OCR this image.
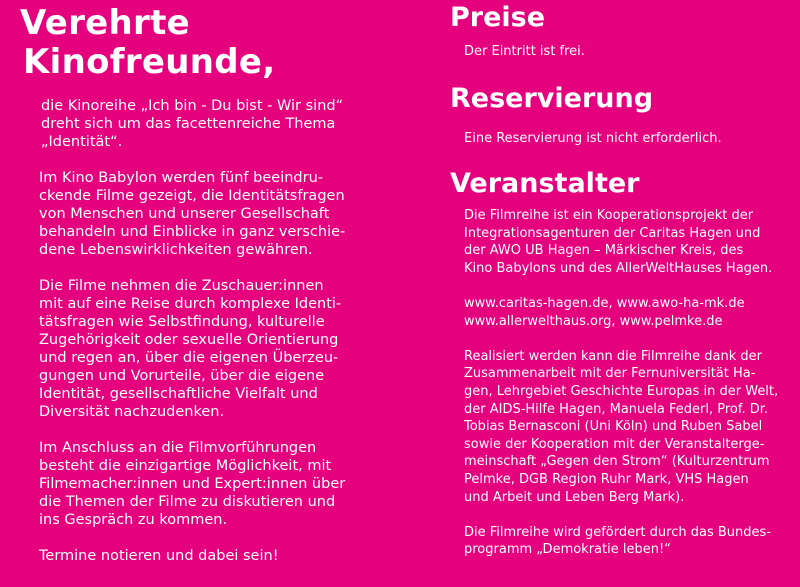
Verehrte
Kinofreunde,

die Kinoreihe „Ich bin - Du bist - Wir sind“
dreht sich um das facettenreiche Thema
„Identität“.

Im Kino Babylon werden fünf beeindru-
ckende Filme gezeigt, die Identitätsfragen
von Menschen und unserer Gesellschaft
behandeln und Einblicke in ganz verschie-
dene Lebenswirklichkeiten gewähren.

Die Filme nehmen die Zuschauer:innen
mit auf eine Reise durch komplexe Identi-
tätsfragen wie Selbstfindung, kulturelle
Zugehörigkeit oder sexuelle Orientierung
und regen an, über die eigenen Überzeu-
gungen und Vorurteile, über die eigene
Identität, gesellschaftliche Vielfalt und
Diversität nachzudenken.

Im Anschluss an die Filmvorführungen
besteht die einzigartige Möglichkeit, mit
Filmemacher:innen und Expert:innen über
die Themen der Filme zu diskutieren und
ins Gespräch zu kommen.

Termine notieren und dabei sein!

Preise

Der Eintritt ist frei.

Reservierung

Eine Reservierung ist nicht erforderlich.

Veranstalter

Die Filmreihe ist ein Kooperationsprojekt der
Integrationsagenturen der Caritas Hagen und
der AWO UB Hagen – Märkischer Kreis, des
Kino Babylons und des AllerWeltHauses Hagen.

www.caritas-hagen.de, www.awo-ha-mk.de
www.allerwelthaus.org, www.pelmke.de

Realisiert werden kann die Filmreihe dank der
Zusammenarbeit mit der Fernuniversität Ha-
gen, Lehrgebiet Geschichte Europas in der Welt,
der AIDS-Hilfe Hagen, Manuela Federl, Prof. Dr.
Tobias Bernasconi (Uni Köln) und Ruben Sabel
sowie der Kooperation mit der Veranstalterge-
meinschaft „Gegen den Strom“ (Kulturzentrum
Pelmke, DGB Region Ruhr Mark, VHS Hagen
und Arbeit und Leben Berg Mark).

Die Filmreihe wird gefördert durch das Bundes-
programm „Demokratie leben!“
